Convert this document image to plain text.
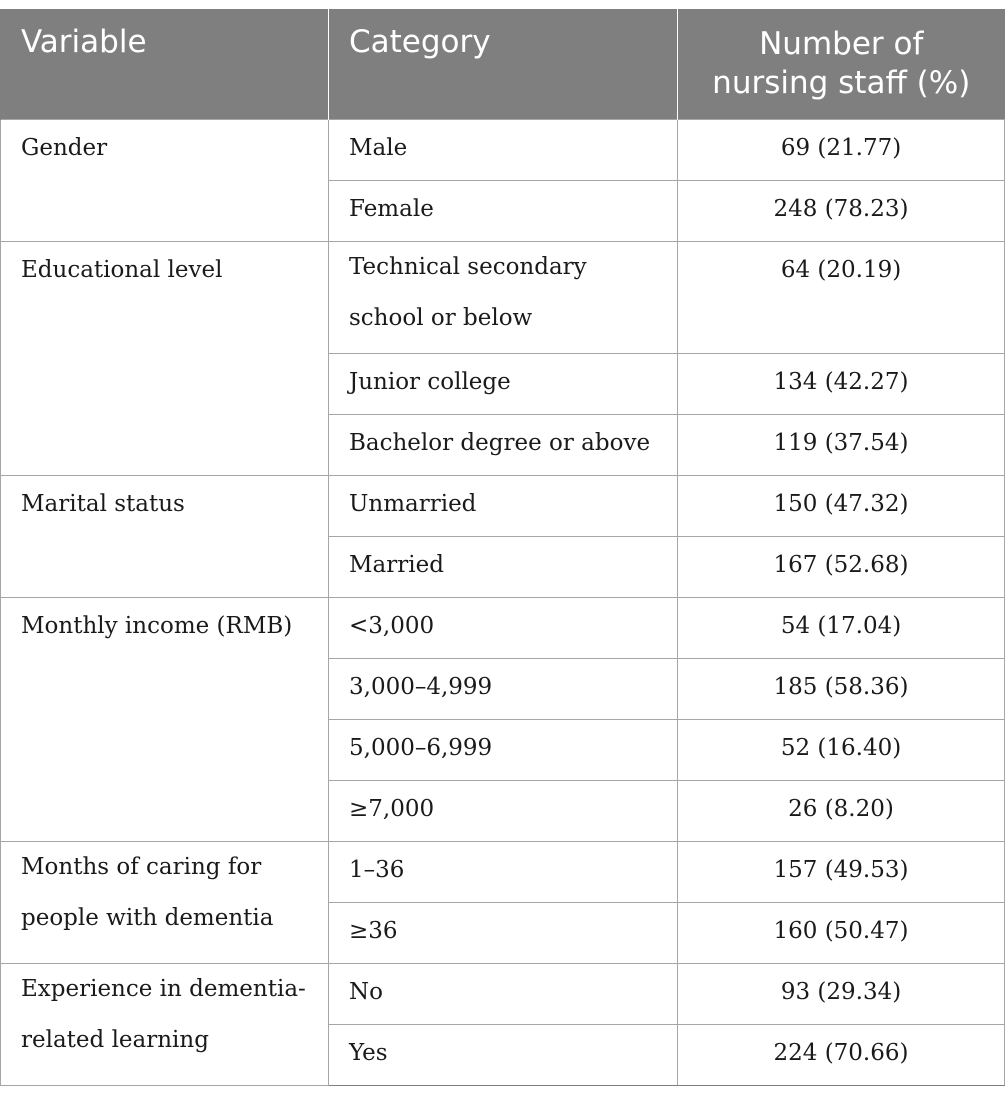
Variable	Category	Number of nursing staff (%)
Gender	Male	69 (21.77)
	Female	248 (78.23)
Educational level	Technical secondary school or below	64 (20.19)
	Junior college	134 (42.27)
	Bachelor degree or above	119 (37.54)
Marital status	Unmarried	150 (47.32)
	Married	167 (52.68)
Monthly income (RMB)	<3,000	54 (17.04)
	3,000–4,999	185 (58.36)
	5,000–6,999	52 (16.40)
	≥7,000	26 (8.20)
Months of caring for people with dementia	1–36	157 (49.53)
	≥36	160 (50.47)
Experience in dementia-related learning	No	93 (29.34)
	Yes	224 (70.66)
